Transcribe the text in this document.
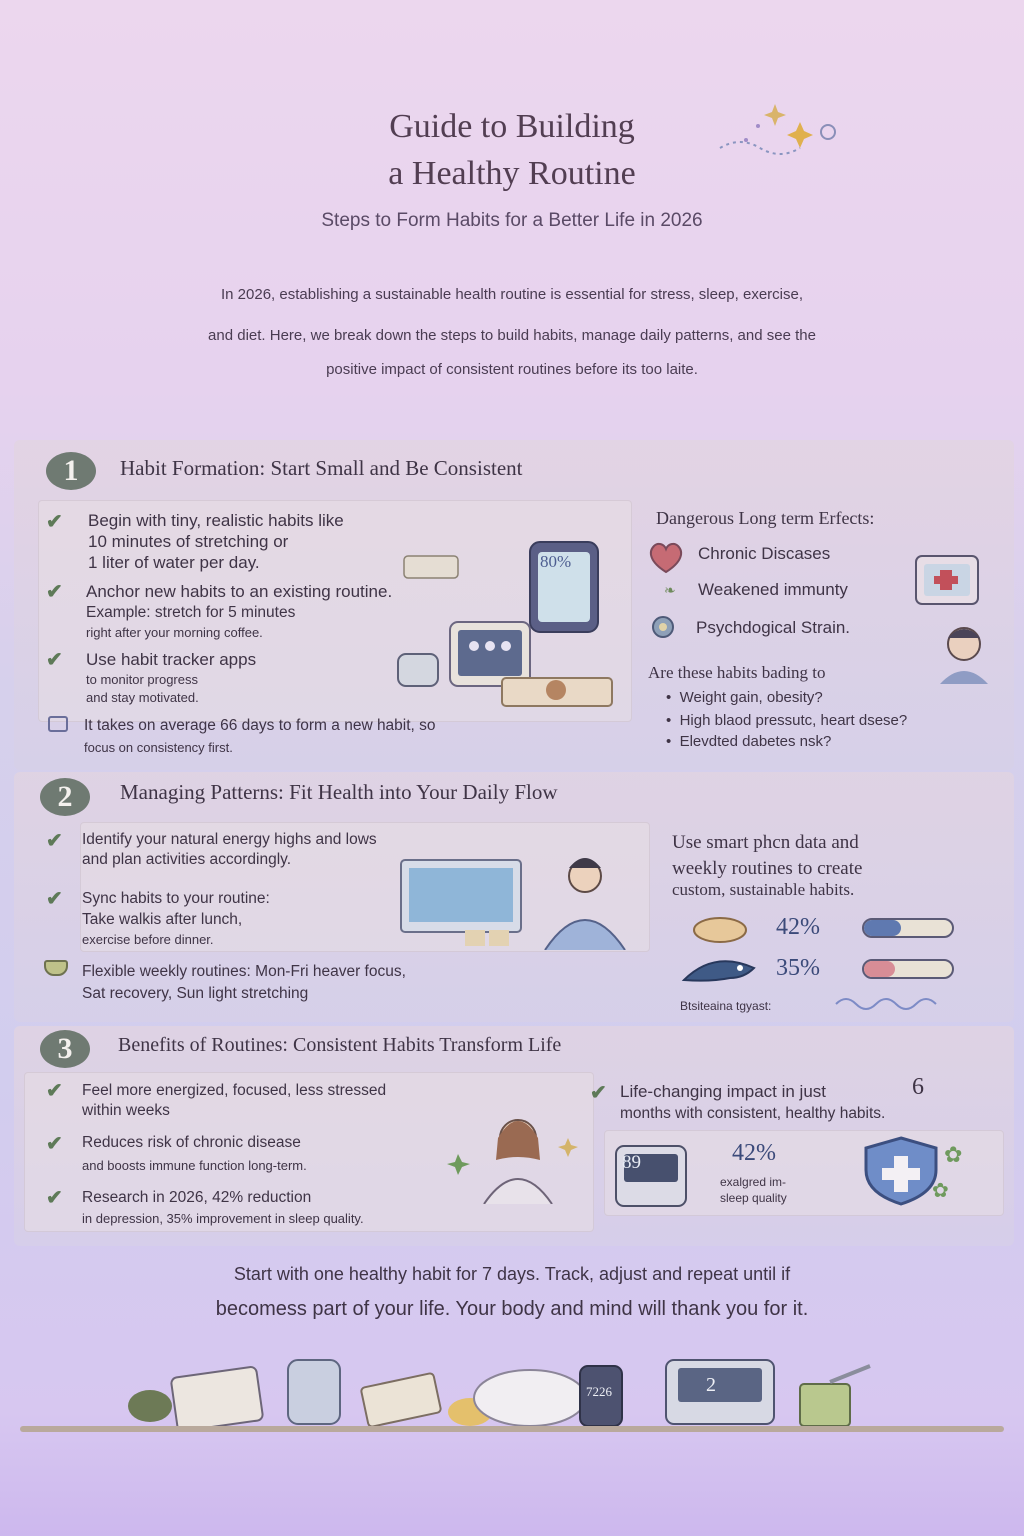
Guide to Building
a Healthy Routine
Steps to Form Habits for a Better Life in 2026
In 2026, establishing a sustainable health routine is essential for stress, sleep, exercise,
and diet. Here, we break down the steps to build habits, manage daily patterns, and see the
positive impact of consistent routines before its too laite.
1	Habit Formation: Start Small and Be Consistent
✔ Begin with tiny, realistic habits like
10 minutes of stretching or
1 liter of water per day.
✔ Anchor new habits to an existing routine.
Example: stretch for 5 minutes
right after your morning coffee.
✔ Use habit tracker apps
to monitor progress
and stay motivated.
It takes on average 66 days to form a new habit, so
focus on consistency first.
80%
Dangerous Long term Erfects:
Chronic Discases
❧ Weakened immunty
Psychdogical Strain.
Are these habits bading to
•  Weight gain, obesity?
•  High blaod pressutc, heart dsese?
•  Elevdted dabetes nsk?
2	Managing Patterns: Fit Health into Your Daily Flow
✔ Identify your natural energy highs and lows
and plan activities accordingly.
✔ Sync habits to your routine:
Take walkis after lunch,
exercise before dinner.
Flexible weekly routines: Mon-Fri heaver focus,
Sat recovery, Sun light stretching
Use smart phcn data and
weekly routines to create
custom, sustainable habits.
42%
35%
Btsiteaina tgyast:
3	Benefits of Routines: Consistent Habits Transform Life
✔ Feel more energized, focused, less stressed
within weeks
✔ Reduces risk of chronic disease
and boosts immune function long-term.
✔ Research in 2026, 42% reduction
in depression, 35% improvement in sleep quality.
✔ Life-changing impact in just	6
months with consistent, healthy habits.
89	42%
exalgred im-
sleep quality
✿
✿
Start with one healthy habit for 7 days. Track, adjust and repeat until if
becomess part of your life. Your body and mind will thank you for it.
7226	2
